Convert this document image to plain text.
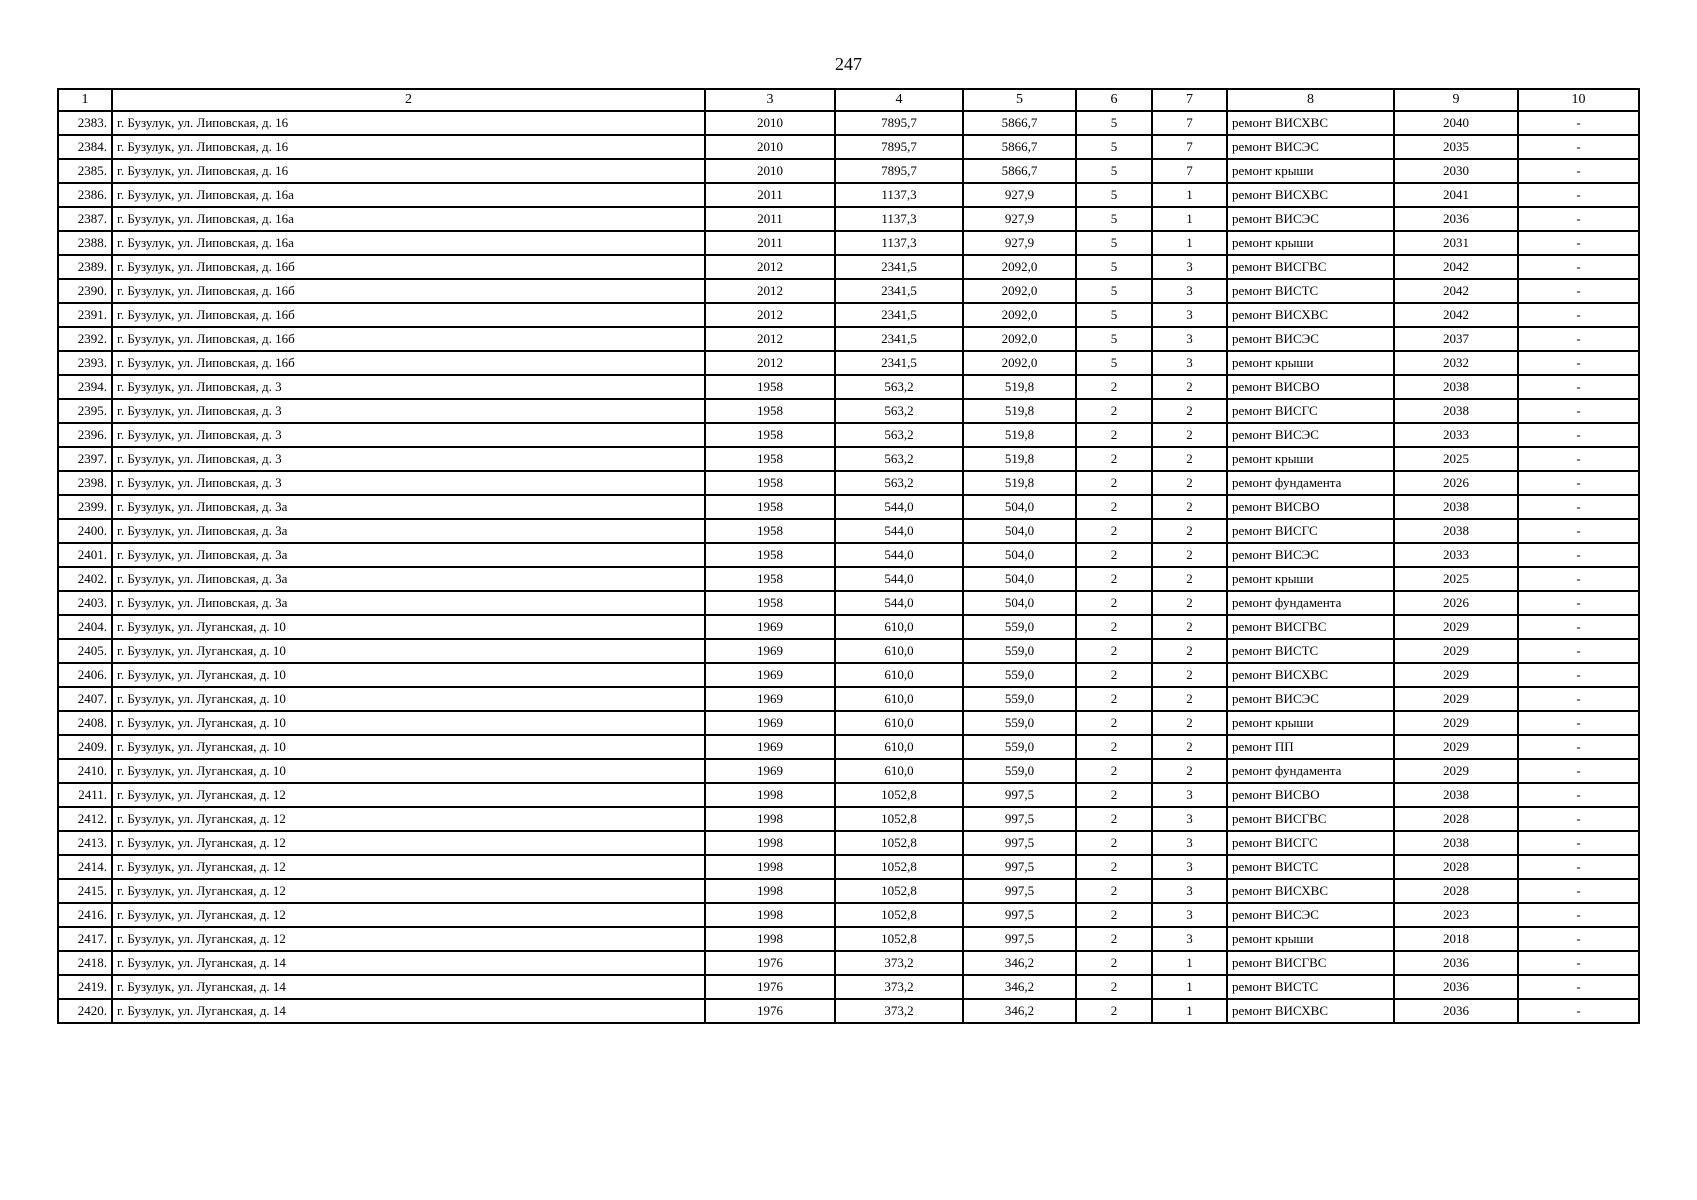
247
1	2	3	4	5	6	7	8	9	10
2383.	г. Бузулук, ул. Липовская, д. 16	2010	7895,7	5866,7	5	7	ремонт ВИСХВС	2040	-
2384.	г. Бузулук, ул. Липовская, д. 16	2010	7895,7	5866,7	5	7	ремонт ВИСЭС	2035	-
2385.	г. Бузулук, ул. Липовская, д. 16	2010	7895,7	5866,7	5	7	ремонт крыши	2030	-
2386.	г. Бузулук, ул. Липовская, д. 16а	2011	1137,3	927,9	5	1	ремонт ВИСХВС	2041	-
2387.	г. Бузулук, ул. Липовская, д. 16а	2011	1137,3	927,9	5	1	ремонт ВИСЭС	2036	-
2388.	г. Бузулук, ул. Липовская, д. 16а	2011	1137,3	927,9	5	1	ремонт крыши	2031	-
2389.	г. Бузулук, ул. Липовская, д. 16б	2012	2341,5	2092,0	5	3	ремонт ВИСГВС	2042	-
2390.	г. Бузулук, ул. Липовская, д. 16б	2012	2341,5	2092,0	5	3	ремонт ВИСТС	2042	-
2391.	г. Бузулук, ул. Липовская, д. 16б	2012	2341,5	2092,0	5	3	ремонт ВИСХВС	2042	-
2392.	г. Бузулук, ул. Липовская, д. 16б	2012	2341,5	2092,0	5	3	ремонт ВИСЭС	2037	-
2393.	г. Бузулук, ул. Липовская, д. 16б	2012	2341,5	2092,0	5	3	ремонт крыши	2032	-
2394.	г. Бузулук, ул. Липовская, д. 3	1958	563,2	519,8	2	2	ремонт ВИСВО	2038	-
2395.	г. Бузулук, ул. Липовская, д. 3	1958	563,2	519,8	2	2	ремонт ВИСГС	2038	-
2396.	г. Бузулук, ул. Липовская, д. 3	1958	563,2	519,8	2	2	ремонт ВИСЭС	2033	-
2397.	г. Бузулук, ул. Липовская, д. 3	1958	563,2	519,8	2	2	ремонт крыши	2025	-
2398.	г. Бузулук, ул. Липовская, д. 3	1958	563,2	519,8	2	2	ремонт фундамента	2026	-
2399.	г. Бузулук, ул. Липовская, д. 3а	1958	544,0	504,0	2	2	ремонт ВИСВО	2038	-
2400.	г. Бузулук, ул. Липовская, д. 3а	1958	544,0	504,0	2	2	ремонт ВИСГС	2038	-
2401.	г. Бузулук, ул. Липовская, д. 3а	1958	544,0	504,0	2	2	ремонт ВИСЭС	2033	-
2402.	г. Бузулук, ул. Липовская, д. 3а	1958	544,0	504,0	2	2	ремонт крыши	2025	-
2403.	г. Бузулук, ул. Липовская, д. 3а	1958	544,0	504,0	2	2	ремонт фундамента	2026	-
2404.	г. Бузулук, ул. Луганская, д. 10	1969	610,0	559,0	2	2	ремонт ВИСГВС	2029	-
2405.	г. Бузулук, ул. Луганская, д. 10	1969	610,0	559,0	2	2	ремонт ВИСТС	2029	-
2406.	г. Бузулук, ул. Луганская, д. 10	1969	610,0	559,0	2	2	ремонт ВИСХВС	2029	-
2407.	г. Бузулук, ул. Луганская, д. 10	1969	610,0	559,0	2	2	ремонт ВИСЭС	2029	-
2408.	г. Бузулук, ул. Луганская, д. 10	1969	610,0	559,0	2	2	ремонт крыши	2029	-
2409.	г. Бузулук, ул. Луганская, д. 10	1969	610,0	559,0	2	2	ремонт ПП	2029	-
2410.	г. Бузулук, ул. Луганская, д. 10	1969	610,0	559,0	2	2	ремонт фундамента	2029	-
2411.	г. Бузулук, ул. Луганская, д. 12	1998	1052,8	997,5	2	3	ремонт ВИСВО	2038	-
2412.	г. Бузулук, ул. Луганская, д. 12	1998	1052,8	997,5	2	3	ремонт ВИСГВС	2028	-
2413.	г. Бузулук, ул. Луганская, д. 12	1998	1052,8	997,5	2	3	ремонт ВИСГС	2038	-
2414.	г. Бузулук, ул. Луганская, д. 12	1998	1052,8	997,5	2	3	ремонт ВИСТС	2028	-
2415.	г. Бузулук, ул. Луганская, д. 12	1998	1052,8	997,5	2	3	ремонт ВИСХВС	2028	-
2416.	г. Бузулук, ул. Луганская, д. 12	1998	1052,8	997,5	2	3	ремонт ВИСЭС	2023	-
2417.	г. Бузулук, ул. Луганская, д. 12	1998	1052,8	997,5	2	3	ремонт крыши	2018	-
2418.	г. Бузулук, ул. Луганская, д. 14	1976	373,2	346,2	2	1	ремонт ВИСГВС	2036	-
2419.	г. Бузулук, ул. Луганская, д. 14	1976	373,2	346,2	2	1	ремонт ВИСТС	2036	-
2420.	г. Бузулук, ул. Луганская, д. 14	1976	373,2	346,2	2	1	ремонт ВИСХВС	2036	-
